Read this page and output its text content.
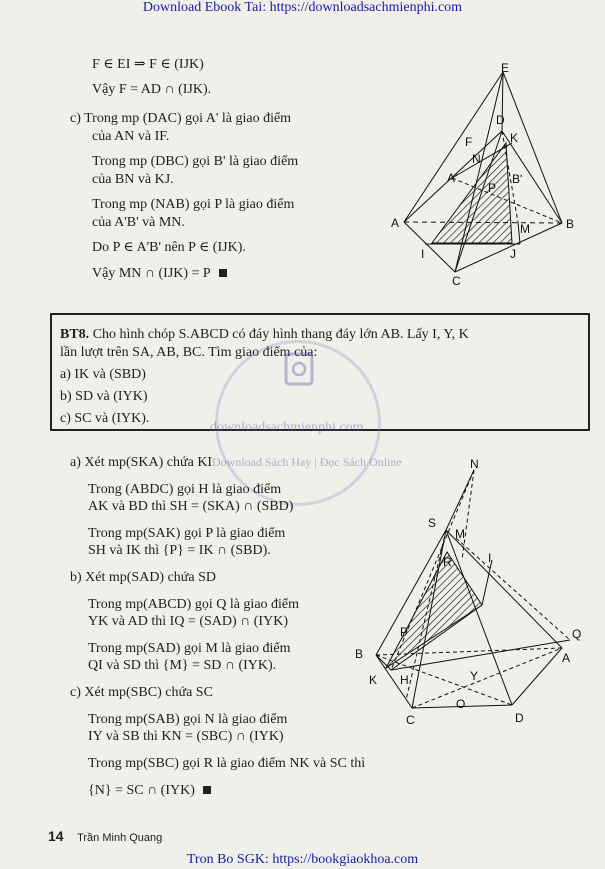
Download Ebook Tai: https://downloadsachmienphi.com
F ∈ EI ⇒ F ∈ (IJK)
Vậy F = AD ∩ (IJK).
c) Trong mp (DAC) gọi A' là giao điểm
của AN và IF.
Trong mp (DBC) gọi B' là giao điểm
của BN và KJ.
Trong mp (NAB) gọi P là giao điểm
của A'B' và MN.
Do P ∈ A'B' nên P ∈ (IJK).
Vậy MN ∩ (IJK) = P
E
D
F	K
N
A'	B'
P
A	B
M
I	J
C
BT8. Cho hình chóp S.ABCD có đáy hình thang đáy lớn AB. Lấy I, Y, K
lần lượt trên SA, AB, BC. Tìm giao điểm của:
a) IK và (SBD)
b) SD và (IYK)
c) SC và (IYK).
downloadsachmienphi.com
Download Sách Hay | Đọc Sách Online
a) Xét mp(SKA) chứa KI
Trong (ABDC) gọi H là giao điểm
AK và BD thì SH = (SKA) ∩ (SBD)
Trong mp(SAK) gọi P là giao điểm
SH và IK thì {P} = IK ∩ (SBD).
b) Xét mp(SAD) chứa SD
Trong mp(ABCD) gọi Q là giao điểm
YK và AD thì IQ = (SAD) ∩ (IYK)
Trong mp(SAD) gọi M là giao điểm
QI và SD thì {M} = SD ∩ (IYK).
c) Xét mp(SBC) chứa SC
Trong mp(SAB) gọi N là giao điểm
IY và SB thì KN = (SBC) ∩ (IYK)
Trong mp(SBC) gọi R là giao điểm NK và SC thì
{N} = SC ∩ (IYK)
N
S
M
R	I
P	Q
B	A
K H	Y
O
C	D
14 Trần Minh Quang
Tron Bo SGK: https://bookgiaokhoa.com
